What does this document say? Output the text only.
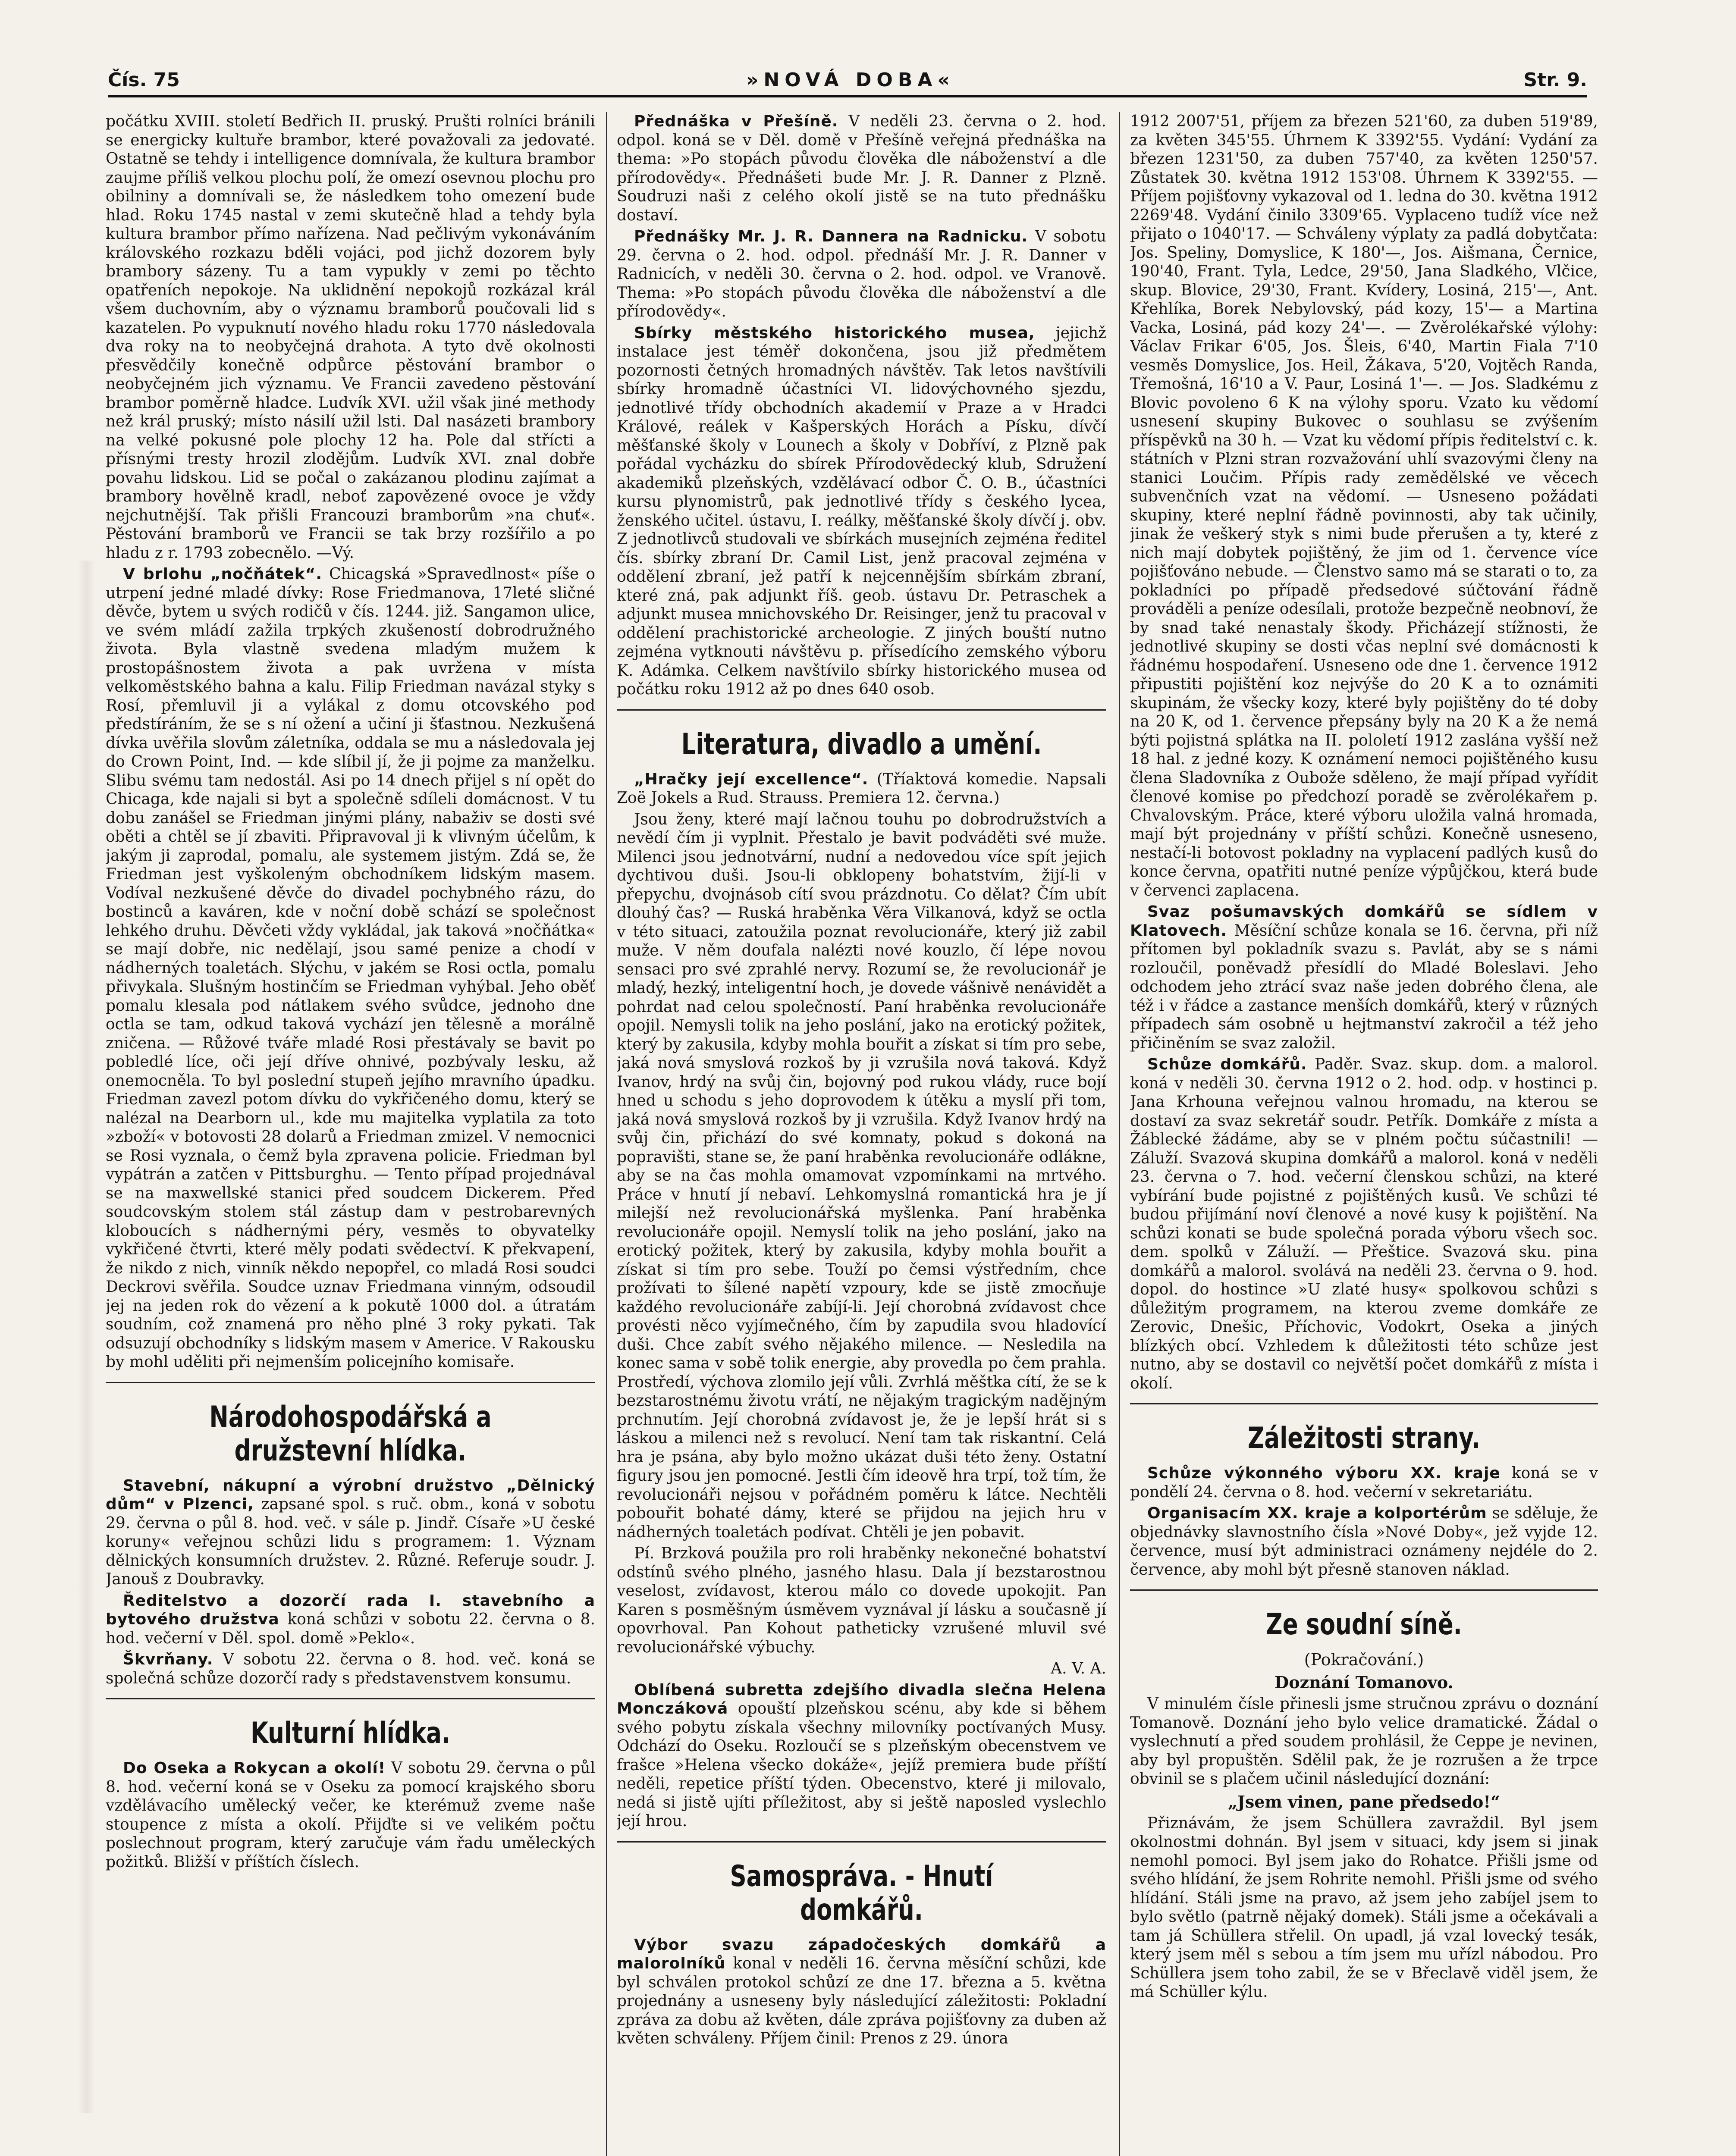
Čís. 75	»NOVÁ DOBA«	Str. 9.

počátku XVIII. století Bedřich II. pruský. Prušti rolníci bránili se energicky kultuře brambor, které považovali za jedovaté. Ostatně se tehdy i intelligence domnívala, že kultura brambor zaujme příliš velkou plochu polí, že omezí osevnou plochu pro obilniny a domnívali se, že následkem toho omezení bude hlad. Roku 1745 nastal v zemi skutečně hlad a tehdy byla kultura brambor přímo nařízena. Nad pečlivým vykonáváním královského rozkazu bděli vojáci, pod jichž dozorem byly brambory sázeny. Tu a tam vypukly v zemi po těchto opatřeních nepokoje. Na uklidnění nepokojů rozkázal král všem duchovním, aby o významu bramborů poučovali lid s kazatelen. Po vypuknutí nového hladu roku 1770 následovala dva roky na to neobyčejná drahota. A tyto dvě okolnosti přesvědčily konečně odpůrce pěstování brambor o neobyčejném jich významu. Ve Francii zavedeno pěstování brambor poměrně hladce. Ludvík XVI. užil však jiné methody než král pruský; místo násilí užil lsti. Dal nasázeti brambory na velké pokusné pole plochy 12 ha. Pole dal střícti a přísnými tresty hrozil zlodějům. Ludvík XVI. znal dobře povahu lidskou. Lid se počal o zakázanou plodinu zajímat a brambory hovělně kradl, neboť zapovězené ovoce je vždy nejchutnější. Tak přišli Francouzi bramborům »na chuť«. Pěstování bramborů ve Francii se tak brzy rozšířilo a po hladu z r. 1793 zobecnělo. —Vý.

V brlohu „nočňátek“. Chicagská »Spravedlnost« píše o utrpení jedné mladé dívky: Rose Friedmanova, 17leté sličné děvče, bytem u svých rodičů v čís. 1244. již. Sangamon ulice, ve svém mládí zažila trpkých zkušeností dobrodružného života. Byla vlastně svedena mladým mužem k prostopášnostem života a pak uvržena v místa velkoměstského bahna a kalu. Filip Friedman navázal styky s Rosí, přemluvil ji a vylákal z domu otcovského pod předstíráním, že se s ní ožení a učiní ji šťastnou. Nezkušená dívka uvěřila slovům záletníka, oddala se mu a následovala jej do Crown Point, Ind. — kde slíbil jí, že ji pojme za manželku. Slibu svému tam nedostál. Asi po 14 dnech přijel s ní opět do Chicaga, kde najali si byt a společně sdíleli domácnost. V tu dobu zanášel se Friedman jinými plány, nabaživ se dosti své oběti a chtěl se jí zbaviti. Připravoval ji k vlivným účelům, k jakým ji zaprodal, pomalu, ale systemem jistým. Zdá se, že Friedman jest vyškoleným obchodníkem lidským masem. Vodíval nezkušené děvče do divadel pochybného rázu, do bostinců a kaváren, kde v noční době schází se společnost lehkého druhu. Děvčeti vždy vykládal, jak taková »nočňátka« se mají dobře, nic nedělají, jsou samé penize a chodí v nádherných toaletách. Slýchu, v jakém se Rosi octla, pomalu přivykala. Slušným hostinčím se Friedman vyhýbal. Jeho oběť pomalu klesala pod nátlakem svého svůdce, jednoho dne octla se tam, odkud taková vychází jen tělesně a morálně zničena. — Růžové tváře mladé Rosi přestávaly se bavit po pobledlé líce, oči její dříve ohnivé, pozbývaly lesku, až onemocněla. To byl poslední stupeň jejího mravního úpadku. Friedman zavezl potom dívku do vykřičeného domu, který se nalézal na Dearborn ul., kde mu majitelka vyplatila za toto »zboží« v botovosti 28 dolarů a Friedman zmizel. V nemocnici se Rosi vyznala, o čemž byla zpravena policie. Friedman byl vypátrán a zatčen v Pittsburghu. — Tento případ projednával se na maxwellské stanici před soudcem Dickerem. Před soudcovským stolem stál zástup dam v pestrobarevných kloboucích s nádhernými péry, vesměs to obyvatelky vykřičené čtvrti, které měly podati svědectví. K překvapení, že nikdo z nich, vinník někdo nepopřel, co mladá Rosi soudci Deckrovi svěřila. Soudce uznav Friedmana vinným, odsoudil jej na jeden rok do vězení a k pokutě 1000 dol. a útratám soudním, což znamená pro něho plné 3 roky pykati. Tak odsuzují obchodníky s lidským masem v Americe. V Rakousku by mohl uděliti při nejmenším policejního komisaře.

Národohospodářská a družstevní hlídka.

Stavební, nákupní a výrobní družstvo „Dělnický dům“ v Plzenci, zapsané spol. s ruč. obm., koná v sobotu 29. června o půl 8. hod. več. v sále p. Jindř. Císaře »U české koruny« veřejnou schůzi lidu s programem: 1. Význam dělnických konsumních družstev. 2. Různé. Referuje soudr. J. Janouš z Doubravky.

Ředitelstvo a dozorčí rada I. stavebního a bytového družstva koná schůzi v sobotu 22. června o 8. hod. večerní v Děl. spol. domě »Peklo«.

Škvrňany. V sobotu 22. června o 8. hod. več. koná se společná schůze dozorčí rady s představenstvem konsumu.

Kulturní hlídka.

Do Oseka a Rokycan a okolí! V sobotu 29. června o půl 8. hod. večerní koná se v Oseku za pomocí krajského sboru vzdělávacího umělecký večer, ke kterémuž zveme naše stoupence z místa a okolí. Přijďte si ve velikém počtu poslechnout program, který zaručuje vám řadu uměleckých požitků. Bližší v příštích číslech.

Přednáška v Přešíně. V neděli 23. června o 2. hod. odpol. koná se v Děl. domě v Přešíně veřejná přednáška na thema: »Po stopách původu člověka dle náboženství a dle přírodovědy«. Přednášeti bude Mr. J. R. Danner z Plzně. Soudruzi naši z celého okolí jistě se na tuto přednášku dostaví.

Přednášky Mr. J. R. Dannera na Radnicku. V sobotu 29. června o 2. hod. odpol. přednáší Mr. J. R. Danner v Radnicích, v neděli 30. června o 2. hod. odpol. ve Vranově. Thema: »Po stopách původu člověka dle náboženství a dle přírodovědy«.

Sbírky městského historického musea, jejichž instalace jest téměř dokončena, jsou již předmětem pozornosti četných hromadných návštěv. Tak letos navštívili sbírky hromadně účastníci VI. lidovýchovného sjezdu, jednotlivé třídy obchodních akademií v Praze a v Hradci Králové, reálek v Kašperských Horách a Písku, dívčí měšťanské školy v Lounech a školy v Dobříví, z Plzně pak pořádal vycházku do sbírek Přírodovědecký klub, Sdružení akademiků plzeňských, vzdělávací odbor Č. O. B., účastníci kursu plynomistrů, pak jednotlivé třídy s českého lycea, ženského učitel. ústavu, I. reálky, měšťanské školy dívčí j. obv. Z jednotlivců studovali ve sbírkách musejních zejména ředitel čís. sbírky zbraní Dr. Camil List, jenž pracoval zejména v oddělení zbraní, jež patří k nejcennějším sbírkám zbraní, které zná, pak adjunkt říš. geob. ústavu Dr. Petraschek a adjunkt musea mnichovského Dr. Reisinger, jenž tu pracoval v oddělení prachistorické archeologie. Z jiných bouští nutno zejména vytknouti návštěvu p. přísedícího zemského výboru K. Adámka. Celkem navštívilo sbírky historického musea od počátku roku 1912 až po dnes 640 osob.

Literatura, divadlo a umění.

„Hračky její excellence“. (Tříaktová komedie. Napsali Zoë Jokels a Rud. Strauss. Premiera 12. června.)

Jsou ženy, které mají lačnou touhu po dobrodružstvích a nevědí čím ji vyplnit. Přestalo je bavit podváděti své muže. Milenci jsou jednotvární, nudní a nedovedou více spít jejich dychtivou duši. Jsou-li obklopeny bohatstvím, žijí-li v přepychu, dvojnásob cítí svou prázdnotu. Co dělat? Čím ubít dlouhý čas? — Ruská hraběnka Věra Vilkanová, když se octla v této situaci, zatoužila poznat revolucionáře, který již zabil muže. V něm doufala nalézti nové kouzlo, čí lépe novou sensaci pro své zprahlé nervy. Rozumí se, že revolucionář je mladý, hezký, inteligentní hoch, je dovede vášnivě nenávidět a pohrdat nad celou společností. Paní hraběnka revolucionáře opojil. Nemysli tolik na jeho poslání, jako na erotický požitek, který by zakusila, kdyby mohla bouřit a získat si tím pro sebe, jaká nová smyslová rozkoš by ji vzrušila nová taková. Když Ivanov, hrdý na svůj čin, bojovný pod rukou vlády, ruce bojí hned u schodu s jeho doprovodem k útěku a myslí při tom, jaká nová smyslová rozkoš by ji vzrušila. Když Ivanov hrdý na svůj čin, přichází do své komnaty, pokud s dokoná na popravišti, stane se, že paní hraběnka revolucionáře odlákne, aby se na čas mohla omamovat vzpomínkami na mrtvého. Práce v hnutí jí nebaví. Lehkomyslná romantická hra je jí milejší než revolucionářská myšlenka. Paní hraběnka revolucionáře opojil. Nemyslí tolik na jeho poslání, jako na erotický požitek, který by zakusila, kdyby mohla bouřit a získat si tím pro sebe. Touží po čemsi výstředním, chce prožívati to šílené napětí vzpoury, kde se jistě zmocňuje každého revolucionáře zabíjí-li. Její chorobná zvídavost chce provésti něco vyjímečného, čím by zapudila svou hladovící duši. Chce zabít svého nějakého milence. — Nesledila na konec sama v sobě tolik energie, aby provedla po čem prahla. Prostředí, výchova zlomilo její vůli. Zvrhlá měštka cítí, že se k bezstarostnému životu vrátí, ne nějakým tragickým nadějným prchnutím. Její chorobná zvídavost je, že je lepší hrát si s láskou a milenci než s revolucí. Není tam tak riskantní. Celá hra je psána, aby bylo možno ukázat duši této ženy. Ostatní figury jsou jen pomocné. Jestli čím ideově hra trpí, tož tím, že revolucionáři nejsou v pořádném poměru k látce. Nechtěli pobouřit bohaté dámy, které se přijdou na jejich hru v nádherných toaletách podívat. Chtěli je jen pobavit.

Pí. Brzková použila pro roli hraběnky nekonečné bohatství odstínů svého plného, jasného hlasu. Dala jí bezstarostnou veselost, zvídavost, kterou málo co dovede upokojit. Pan Karen s posměšným úsměvem vyznával jí lásku a současně jí opovrhoval. Pan Kohout patheticky vzrušené mluvil své revolucionářské výbuchy.

A. V. A.

Oblíbená subretta zdejšího divadla slečna Helena Monczáková opouští plzeňskou scénu, aby kde si během svého pobytu získala všechny milovníky poctívaných Musy. Odchází do Oseku. Rozloučí se s plzeňským obecenstvem ve frašce »Helena všecko dokáže«, jejíž premiera bude příští neděli, repetice příští týden. Obecenstvo, které ji milovalo, nedá si jistě ujíti příležitost, aby si ještě naposled vyslechlo její hrou.

Samospráva. - Hnutí domkářů.

Výbor svazu západočeských domkářů a malorolníků konal v neděli 16. června měsíční schůzi, kde byl schválen protokol schůzí ze dne 17. března a 5. května projednány a usneseny byly následující záležitosti: Pokladní zpráva za dobu až květen, dále zpráva pojišťovny za duben až květen schváleny. Příjem činil: Prenos z 29. února

1912 2007'51, příjem za březen 521'60, za duben 519'89, za květen 345'55. Úhrnem K 3392'55. Vydání: Vydání za březen 1231'50, za duben 757'40, za květen 1250'57. Zůstatek 30. května 1912 153'08. Úhrnem K 3392'55. — Příjem pojišťovny vykazoval od 1. ledna do 30. května 1912 2269'48. Vydání činilo 3309'65. Vyplaceno tudíž více než přijato o 1040'17. — Schváleny výplaty za padlá dobytčata: Jos. Speliny, Domyslice, K 180'—, Jos. Aišmana, Černice, 190'40, Frant. Tyla, Ledce, 29'50, Jana Sladkého, Vlčice, skup. Blovice, 29'30, Frant. Kvídery, Losiná, 215'—, Ant. Křehlíka, Borek Nebylovský, pád kozy, 15'— a Martina Vacka, Losiná, pád kozy 24'—. — Zvěrolékařské výlohy: Václav Frikar 6'05, Jos. Šleis, 6'40, Martin Fiala 7'10 vesměs Domyslice, Jos. Heil, Žákava, 5'20, Vojtěch Randa, Třemošná, 16'10 a V. Paur, Losiná 1'—. — Jos. Sladkému z Blovic povoleno 6 K na výlohy sporu. Vzato ku vědomí usnesení skupiny Bukovec o souhlasu se zvýšením příspěvků na 30 h. — Vzat ku vědomí přípis ředitelství c. k. státních v Plzni stran rozvažování uhlí svazovými členy na stanici Loučim. Přípis rady zemědělské ve věcech subvenčních vzat na vědomí. — Usneseno požádati skupiny, které neplní řádně povinnosti, aby tak učinily, jinak že veškerý styk s nimi bude přerušen a ty, které z nich mají dobytek pojištěný, že jim od 1. července více pojišťováno nebude. — Členstvo samo má se starati o to, za pokladníci po případě předsedové súčtování řádně prováděli a peníze odesílali, protože bezpečně neobnoví, že by snad také nenastaly škody. Přicházejí stížnosti, že jednotlivé skupiny se dosti včas neplní své domácnosti k řádnému hospodaření. Usneseno ode dne 1. července 1912 připustiti pojištění koz nejvýše do 20 K a to oznámiti skupinám, že všecky kozy, které byly pojištěny do té doby na 20 K, od 1. července přepsány byly na 20 K a že nemá býti pojistná splátka na II. pololetí 1912 zaslána vyšší než 18 hal. z jedné kozy. K oznámení nemoci pojištěného kusu člena Sladovníka z Oubože sděleno, že mají případ vyřídit členové komise po předchozí poradě se zvěrolékařem p. Chvalovským. Práce, které výboru uložila valná hromada, mají být projednány v příští schůzi. Konečně usneseno, nestačí-li botovost pokladny na vyplacení padlých kusů do konce června, opatřiti nutné peníze výpůjčkou, která bude v červenci zaplacena.

Svaz pošumavských domkářů se sídlem v Klatovech. Měsíční schůze konala se 16. června, při níž přítomen byl pokladník svazu s. Pavlát, aby se s námi rozloučil, poněvadž přesídlí do Mladé Boleslavi. Jeho odchodem jeho ztrácí svaz naše jeden dobrého člena, ale též i v řádce a zastance menších domkářů, který v různých případech sám osobně u hejtmanství zakročil a též jeho přičiněním se svaz založil.

Schůze domkářů. Paděr. Svaz. skup. dom. a malorol. koná v neděli 30. června 1912 o 2. hod. odp. v hostinci p. Jana Krhouna veřejnou valnou hromadu, na kterou se dostaví za svaz sekretář soudr. Petřík. Domkáře z místa a Žáblecké žádáme, aby se v plném počtu súčastnili! — Záluží. Svazová skupina domkářů a malorol. koná v neděli 23. června o 7. hod. večerní členskou schůzi, na které vybírání bude pojistné z pojištěných kusů. Ve schůzi té budou přijímání noví členové a nové kusy k pojištění. Na schůzi konati se bude společná porada výboru všech soc. dem. spolků v Záluží. — Přeštice. Svazová sku. pina domkářů a malorol. svolává na neděli 23. června o 9. hod. dopol. do hostince »U zlaté husy« spolkovou schůzi s důležitým programem, na kterou zveme domkáře ze Zerovic, Dnešic, Příchovic, Vodokrt, Oseka a jiných blízkých obcí. Vzhledem k důležitosti této schůze jest nutno, aby se dostavil co největší počet domkářů z místa i okolí.

Záležitosti strany.

Schůze výkonného výboru XX. kraje koná se v pondělí 24. června o 8. hod. večerní v sekretariátu.

Organisacím XX. kraje a kolportérům se sděluje, že objednávky slavnostního čísla »Nové Doby«, jež vyjde 12. července, musí být administraci oznámeny nejdéle do 2. července, aby mohl být přesně stanoven náklad.

Ze soudní síně.
(Pokračování.)
Doznání Tomanovo.

V minulém čísle přinesli jsme stručnou zprávu o doznání Tomanově. Doznání jeho bylo velice dramatické. Žádal o vyslechnutí a před soudem prohlásil, že Ceppe je nevinen, aby byl propuštěn. Sdělil pak, že je rozrušen a že trpce obvinil se s plačem učinil následující doznání:

„Jsem vinen, pane předsedo!“

Přiznávám, že jsem Schüllera zavraždil. Byl jsem okolnostmi dohnán. Byl jsem v situaci, kdy jsem si jinak nemohl pomoci. Byl jsem jako do Rohatce. Přišli jsme od svého hlídání, že jsem Rohrite nemohl. Přišli jsme od svého hlídání. Stáli jsme na pravo, až jsem jeho zabíjel jsem to bylo světlo (patrně nějaký domek). Stáli jsme a očekávali a tam já Schüllera střelil. On upadl, já vzal lovecký tesák, který jsem měl s sebou a tím jsem mu uřízl nábodou. Pro Schüllera jsem toho zabil, že se v Břeclavě viděl jsem, že má Schüller kýlu.
